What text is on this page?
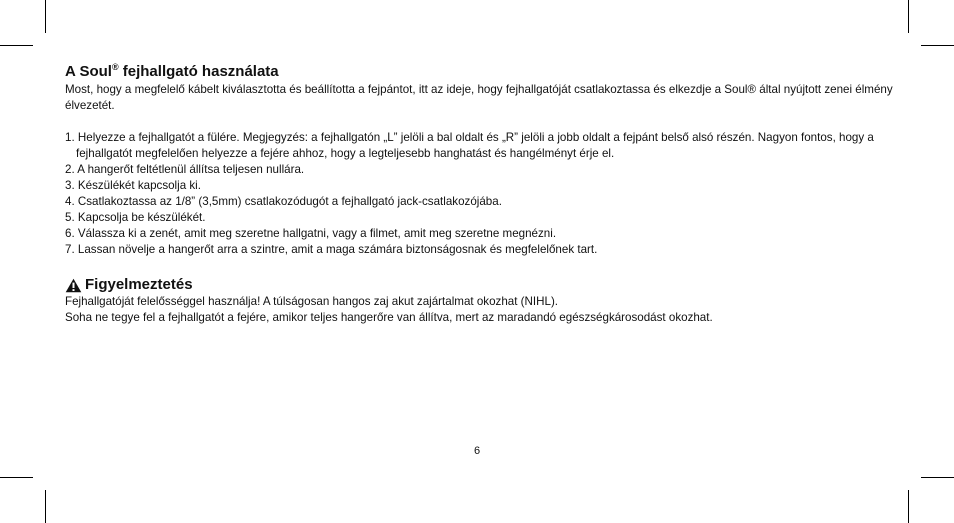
A Soul® fejhallgató használata

Most, hogy a megfelelő kábelt kiválasztotta és beállította a fejpántot, itt az ideje, hogy fejhallgatóját csatlakoztassa és elkezdje a Soul® által nyújtott zenei élmény élvezetét.

1. Helyezze a fejhallgatót a fülére. Megjegyzés: a fejhallgatón „L” jelöli a bal oldalt és „R” jelöli a jobb oldalt a fejpánt belső alsó részén. Nagyon fontos, hogy a fejhallgatót megfelelően helyezze a fejére ahhoz, hogy a legteljesebb hanghatást és hangélményt érje el.
2. A hangerőt feltétlenül állítsa teljesen nullára.
3. Készülékét kapcsolja ki.
4. Csatlakoztassa az 1/8” (3,5mm) csatlakozódugót a fejhallgató jack-csatlakozójába.
5. Kapcsolja be készülékét.
6. Válassza ki a zenét, amit meg szeretne hallgatni, vagy a filmet, amit meg szeretne megnézni.
7. Lassan növelje a hangerőt arra a szintre, amit a maga számára biztonságosnak és megfelelőnek tart.
Figyelmeztetés

Fejhallgatóját felelősséggel használja! A túlságosan hangos zaj akut zajártalmat okozhat (NIHL).

Soha ne tegye fel a fejhallgatót a fejére, amikor teljes hangerőre van állítva, mert az maradandó egészségkárosodást okozhat.

6
